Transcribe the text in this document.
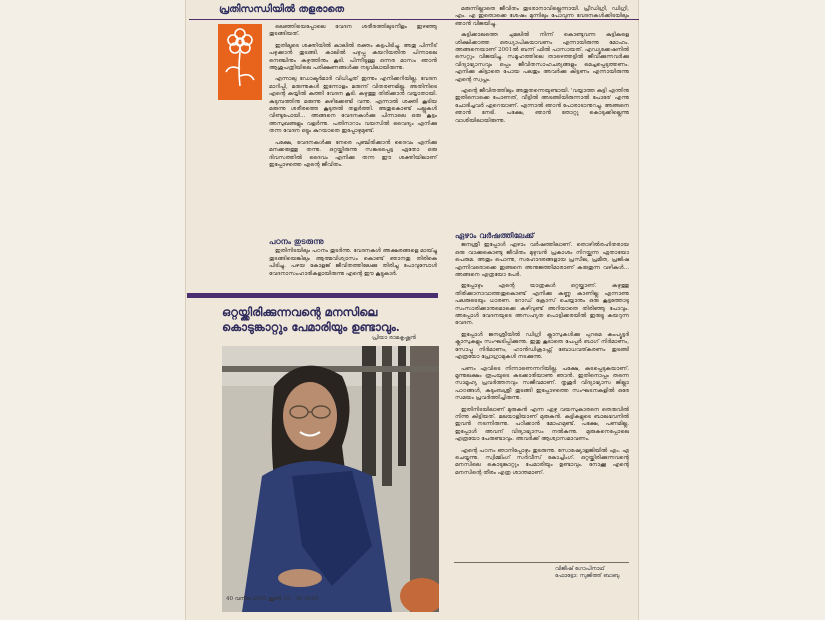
പ്രതിസന്ധിയിൽ തളരാതെ

ലെഞ്ഞിയെപ്പോലെ വേദന ശരീരത്തിലുടനീളം ഇഴഞ്ഞു തുടങ്ങിയത്.

ഇതിലൂടെ ശക്തിയിൽ കാലിൽ രക്തം കട്ടപിടിച്ചു. അതു പിന്നീട് പഴുക്കാൻ തുടങ്ങി. കാലിൽ പഴുപ്പു കയറിയതിനു പിന്നാലെ നെഞ്ചിനും കഴുത്തിനും കൂടി. പിന്നീടുള്ള ഒന്നര മാസം ഞാൻ ആശുപത്രിയിലെ പരിക്ഷണങ്ങൾക്കു നടുവിലായിരുന്നു.

എന്നാലു ഡോക്ടർമാർ വിധിച്ചത് ഇന്നും എനിക്കറിയില്ല. വേദന മാറിപ്പി, മരുന്നുകൾ ഇന്നോളം മരുന്ന് വിതരണമില്ല. അതിനിടെ എന്റെ കയ്യിൽ കുത്തി വേദന കൂടി. കഴുത്തു തിരിക്കാൻ വയ്യാതായി. കുടുമ്പത്തിനു മരുന്നു കഴിക്കേണ്ടി വന്നു. എന്നാൽ ശക്തി കൂടിയ മരുന്നു ശരീരത്തെ കൂടുതൽ തളർത്തി. അതുകൊണ്ട് പല്ലുകൾ വിണ്ടുപോയി... അങ്ങനെ വേദനകൾക്കു പിന്നാലെ ഒരു കൂട്ടം അസുഖങ്ങളും വളർന്നു. പതിനാറാം വയസിൽ വൈദ്യം എനിക്കു തന്ന വേദന ഒട്ടും കുറയാതെ ഇപ്പോഴുമുണ്ട്.

പക്ഷേ, വേദനകൾക്കു നേരെ പുഞ്ചിരിക്കാൻ ദൈവം എനിക്കു മനക്കരുത്തു തന്നു. ഒറ്റയ്ക്കിരുന്നു സങ്കടപ്പെട്ട ഏതോ ഒരു ദിവസത്തിൽ ദൈവം എനിക്കു തന്ന ഈ ശക്തിയിലാണ് ഇപ്പോഴത്തെ എന്റെ ജീവിതം.

പഠനം തുടരുന്നു

ഇതിനിടയിലും പഠനം തുടർന്നു. വേദനകൾ അക്ഷരങ്ങളെ മായ്ച്ചു തുടങ്ങിയെങ്കിലും ആത്മവിശ്വാസം കൊണ്ട് ഞാനതു തിരികെ പിടിച്ചു. പഴയ കോളജ് ജീവിതത്തിലേക്കു തിരിച്ചു പോവുമ്പോൾ വേദനാസംഹാരികളായിരുന്നു എന്റെ ഈ കൂട്ടുകാർ.

ഒറ്റയ്ക്കിരിക്കുന്നവന്റെ മനസിലെ
കൊടുങ്കാറ്റും പേമാരിയും ഉണ്ടാവും.
പ്രിയാ രാമകൃഷ്ണൻ
40 വനിത 2005 ജൂൺ 15 - 30 2005

മരുന്നില്ലാതെ ജീവിതം തുടരാനാവില്ലെന്നായി. പ്രീഡിഗ്രി, ഡിഗ്രി, എം. എ ഇതൊക്കെ ശേഷം മുന്നിലും പോവുന്ന വേദനകൾക്കിടയിലും ഞാൻ വിജയിച്ചു.

കുട്ടിക്കാലത്തെ ചുമലിൽ നിന്ന് കൊണ്ടുവന്ന കുട്ടികളെ ശിക്ഷിക്കാത്ത ഒരധ്യാപികയാവണം എന്നായിരുന്നു മോഹം. അങ്ങനെയാണ് 2001ൽ ബന്ന് ഫിൽ പാസായത്. എഡ്യൂക്കേഷനിൽ സെറ്റും വിജയിച്ചു. സമൂഹത്തിലെ താഴെത്തട്ടിൽ ജീവിക്കുന്നവർക്കു വിദ്യാഭ്യാസവും ഒപ്പം ജീവിതസാഹചര്യങ്ങളും മെച്ചപ്പെടുത്തണം. എനിക്കു കിട്ടാതെ പോയ പലതും അവർക്കു കിട്ടണം എന്നായിരുന്നു എന്റെ സ്വപ്നം.

എന്റെ ജീവിതത്തിലും അതുതന്നെയുണ്ടായി. 'വയ്യാത്ത കുട്ടി എന്തിനു ഇതിനൊക്കെ പോണത്, വീട്ടിൽ അടങ്ങിയിരുന്നാൽ പോരേ' എന്നു ചോദിച്ചവർ ഏറെയാണ്. എന്നാൽ ഞാൻ പോരാടാനുറച്ചു. അങ്ങനെ ഞാൻ നേടി. പക്ഷേ, ഞാൻ തോറ്റു കൊടുക്കില്ലെന്നു വാശിയിലായിരുന്നു.

ഏഴാം വർഷത്തിലേക്ക്

ജനശ്രീ ഇപ്പോൾ ഏഴാം വർഷത്തിലാണ്. തൊഴിൽരഹിതരായ ഒരു വാക്കുകൊണ്ടു ജീവിതം മുഴുവൻ പ്രകാശം നിറയ്ക്കുന്ന ഏതായോ പെരുമ. അതും പൊന്നു, സഹോദരങ്ങളായ പ്രസീല, പ്രമീത, പ്രജിഷ എന്നിവരൊക്കെ ഇങ്ങനെ അനുജത്തിമാരാണ് കരുതുന്ന വഴികൾ... അങ്ങനെ എത്രയോ പേർ.

ഇപ്പോഴും എന്റെ യാത്രകൾ ഒറ്റയ്ക്കാണ്. കഴുത്തു തിരിക്കാനാവാത്തതുകൊണ്ട് എനിക്കു കണ്ണു കാണില്ല എന്നാണു പലരുടെയും ധാരണ. റോഡ് ക്രോസ് ചെയ്യാനും ഒരു കൂട്ടത്തോടു സംസാരിക്കാനുമൊക്കെ കഴിവുണ്ട് അറിയാതെ തിരിഞ്ഞു പോവും. അപ്പോൾ വേദനയുടെ അസഹ്യത പൊട്ടിക്കരയിൽ ഇരുട്ടു കയറുന്ന വേദന.

ഇപ്പോൾ ജനശ്രീയിൽ ഡിഗ്രി ക്ലാസുകൾക്കു പുറമെ കംപ്യൂട്ടർ ക്ലാസുകളും സംഘടിപ്പിക്കുന്നു. ഇതു കൂടാതെ പേപ്പർ ബാഗ് നിർമാണം, സോപ്പു നിർമാണം, ഹാൻഡിക്രാഫ്റ്റ് ബോധവത്കരണം തുടങ്ങി എത്രയോ പ്രോഗ്രാമുകൾ നടക്കുന്നു.

പണം എവിടെ നിന്നാണെന്നറിയില്ല. പക്ഷേ, കടപ്പെടുകയാണ്. മൂന്നുലക്ഷം രൂപയുടെ കടക്കാരിയാണു ഞാൻ. ഇതിനൊപ്പം തന്നെ സാമൂഹ്യ പ്രവർത്തനവും സജീവമാണ്. തൃശൂർ വിദ്യാഭ്യാസ ജില്ലാ പാഠങ്ങൾ, കുടുംബശ്രീ തുടങ്ങി ഇപ്പോഴത്തെ സംഘടനകളിൽ ഒരേ സമയം പ്രവർത്തിച്ചിരുന്നു.

ഇതിനിടയിലാണ് മുരുകൻ എന്ന ഏഴു വയസുകാരനെ തെരുവിൽ നിന്നു കിട്ടിയത്. മലയാളിയാണ് മുരുകൻ. കുട്ടികളുടെ ബാലഭവനിൽ ഇവൻ നടന്നിരുന്നു. പഠിക്കാൻ മോഹമുണ്ട്. പക്ഷേ, പണമില്ല. ഇപ്പോൾ അവന് വിദ്യാഭ്യാസം നൽകുന്നു. മുരുകനെപ്പോലെ എത്രയോ പേരുണ്ടാവും. അവർക്ക് ആശ്വാസമാവണം.

എന്റെ പഠനം ഞാനിപ്പോഴും തുടരുന്നു. സോഷ്യോളജിയിൽ എം. എ ചെയ്യുന്നു. സ്വിമ്മിംഗ് സർവീസ് കോച്ചിംഗ്. ഒറ്റയ്ക്കിരിക്കുന്നവന്റെ മനസിലെ കൊടുങ്കാറ്റും പേമാരിയും ഉണ്ടാവും. നോക്കൂ എന്റെ മനസിന്റെ തീരം എത്ര ശാന്തമാണ്.

വിജീഷ് ഗോപിനാഥ്
ഫോട്ടോ: സുജിത്ത് ബാബു
